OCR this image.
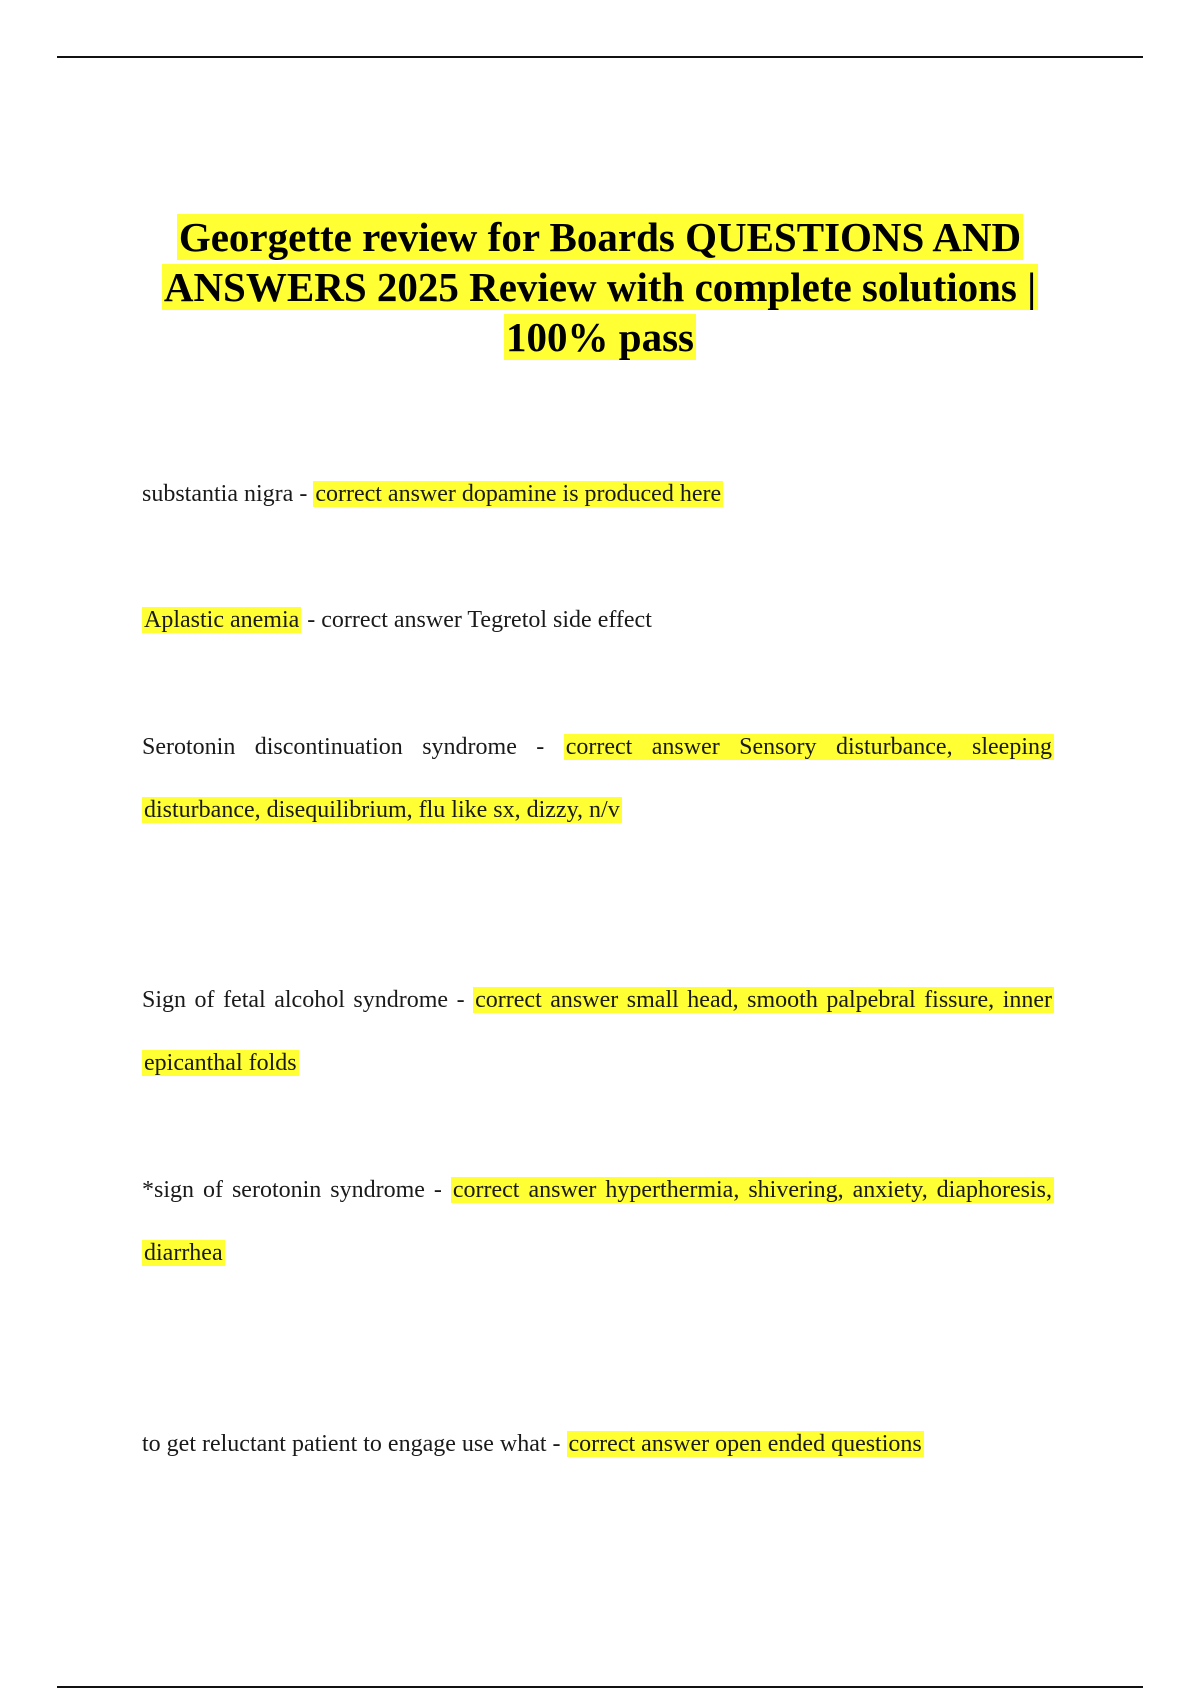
Georgette review for Boards QUESTIONS AND ANSWERS 2025 Review with complete solutions | 100% pass

substantia nigra - correct answer dopamine is produced here

Aplastic anemia - correct answer Tegretol side effect

Serotonin discontinuation syndrome - correct answer Sensory disturbance, sleeping disturbance, disequilibrium, flu like sx, dizzy, n/v

Sign of fetal alcohol syndrome - correct answer small head, smooth palpebral fissure, inner epicanthal folds

*sign of serotonin syndrome - correct answer hyperthermia, shivering, anxiety, diaphoresis, diarrhea

to get reluctant patient to engage use what - correct answer open ended questions
